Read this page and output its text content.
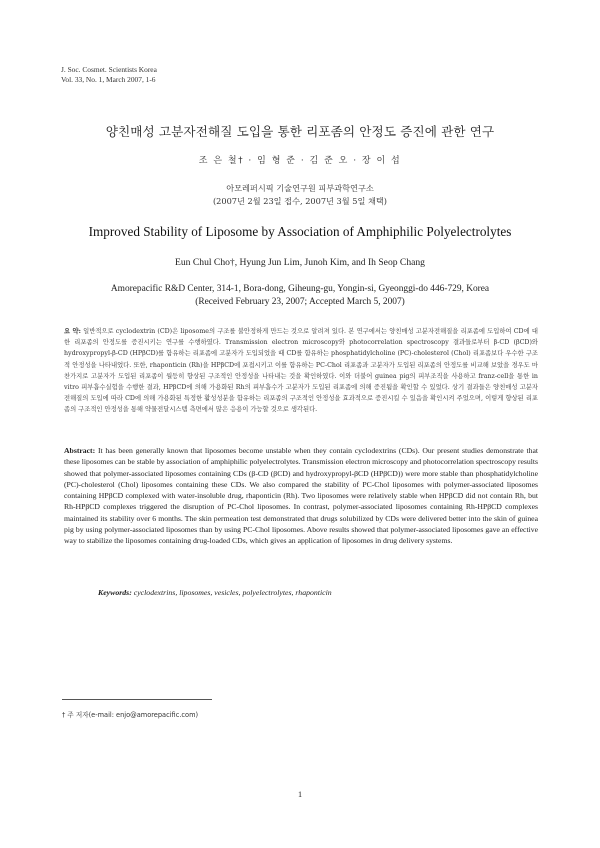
J. Soc. Cosmet. Scientists Korea
Vol. 33, No. 1, March 2007, 1-6
양친매성 고분자전해질 도입을 통한 리포좀의 안정도 증진에 관한 연구
조 은 철† · 임 형 준 · 김 준 오 · 장 이 섭
아모레퍼시픽 기술연구원 피부과학연구소
(2007년 2월 23일 접수, 2007년 3월 5일 채택)
Improved Stability of Liposome by Association of Amphiphilic Polyelectrolytes
Eun Chul Cho†, Hyung Jun Lim, Junoh Kim, and Ih Seop Chang
Amorepacific R&D Center, 314-1, Bora-dong, Giheung-gu, Yongin-si, Gyeonggi-do 446-729, Korea
(Received February 23, 2007; Accepted March 5, 2007)
요 약: 일반적으로 cyclodextrin (CD)은 liposome의 구조를 불안정하게 만드는 것으로 알려져 있다. 본 연구에서는 양친매성 고분자전해질을 리포좀에 도입하여 CD에 대한 리포좀의 안정도를 증진시키는 연구를 수행하였다. Transmission electron microscopy와 photocorrelation spectroscopy 결과들로부터 β-CD (βCD)와 hydroxypropyl-β-CD (HPβCD)를 함유하는 리포좀에 고분자가 도입되었을 때 CD를 함유하는 phosphatidylcholine (PC)-cholesterol (Chol) 리포좀보다 우수한 구조적 안정성을 나타내었다. 또한, rhaponticin (Rh)을 HPβCD에 포접시키고 이를 함유하는 PC-Chol 리포좀과 고분자가 도입된 리포좀의 안정도를 비교해 보았을 경우도 마찬가지로 고분자가 도입된 리포좀이 월등히 향상된 구조적인 안정성을 나타내는 것을 확인하였다. 이와 더불어 guinea pig의 피부조직을 사용하고 franz-cell을 통한 in vitro 피부흡수실험을 수행한 결과, HPβCD에 의해 가용화된 Rh의 피부흡수가 고분자가 도입된 리포좀에 의해 증진됨을 확인할 수 있었다. 상기 결과들은 양친매성 고분자 전해질의 도입에 따라 CD에 의해 가용화된 특정한 활성성분을 함유하는 리포좀의 구조적인 안정성을 효과적으로 증진시킬 수 있음을 확인시켜 주었으며, 이렇게 향상된 리포좀의 구조적인 안정성을 통해 약물전달시스템 측면에서 많은 응용이 가능할 것으로 생각된다.
Abstract: It has been generally known that liposomes become unstable when they contain cyclodextrins (CDs). Our present studies demonstrate that these liposomes can be stable by association of amphiphilic polyelectrolytes. Transmission electron microscopy and photocorrelation spectroscopy results showed that polymer-associated liposomes containing CDs (β-CD (βCD) and hydroxypropyl-βCD (HPβCD)) were more stable than phosphatidylcholine (PC)-cholesterol (Chol) liposomes containing these CDs. We also compared the stability of PC-Chol liposomes with polymer-associated liposomes containing HPβCD complexed with water-insoluble drug, rhaponticin (Rh). Two liposomes were relatively stable when HPβCD did not contain Rh, but Rh-HPβCD complexes triggered the disruption of PC-Chol liposomes. In contrast, polymer-associated liposomes containing Rh-HPβCD complexes maintained its stability over 6 months. The skin permeation test demonstrated that drugs solubilized by CDs were delivered better into the skin of guinea pig by using polymer-associated liposomes than by using PC-Chol liposomes. Above results showed that polymer-associated liposomes gave an effective way to stabilize the liposomes containing drug-loaded CDs, which gives an application of liposomes in drug delivery systems.
Keywords: cyclodextrins, liposomes, vesicles, polyelectrolytes, rhaponticin
† 주 저자(e-mail: enjo@amorepacific.com)
1
